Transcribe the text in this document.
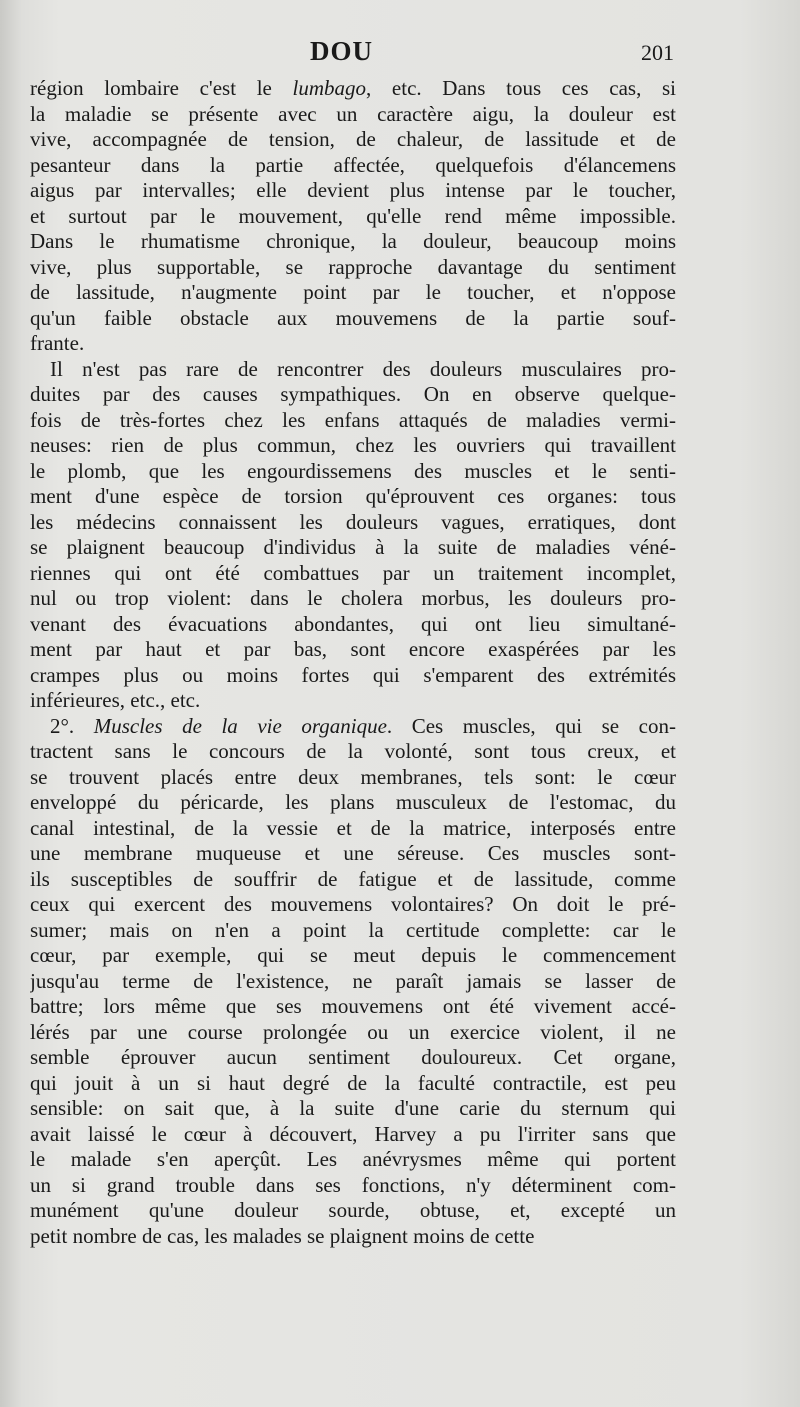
DOU	201
région lombaire c'est le lumbago, etc. Dans tous ces cas, si
la maladie se présente avec un caractère aigu, la douleur est
vive, accompagnée de tension, de chaleur, de lassitude et de
pesanteur dans la partie affectée, quelquefois d'élancemens
aigus par intervalles; elle devient plus intense par le toucher,
et surtout par le mouvement, qu'elle rend même impossible.
Dans le rhumatisme chronique, la douleur, beaucoup moins
vive, plus supportable, se rapproche davantage du sentiment
de lassitude, n'augmente point par le toucher, et n'oppose
qu'un faible obstacle aux mouvemens de la partie souf-
frante.
Il n'est pas rare de rencontrer des douleurs musculaires pro-
duites par des causes sympathiques. On en observe quelque-
fois de très-fortes chez les enfans attaqués de maladies vermi-
neuses: rien de plus commun, chez les ouvriers qui travaillent
le plomb, que les engourdissemens des muscles et le senti-
ment d'une espèce de torsion qu'éprouvent ces organes: tous
les médecins connaissent les douleurs vagues, erratiques, dont
se plaignent beaucoup d'individus à la suite de maladies véné-
riennes qui ont été combattues par un traitement incomplet,
nul ou trop violent: dans le cholera morbus, les douleurs pro-
venant des évacuations abondantes, qui ont lieu simultané-
ment par haut et par bas, sont encore exaspérées par les
crampes plus ou moins fortes qui s'emparent des extrémités
inférieures, etc., etc.
2°. Muscles de la vie organique. Ces muscles, qui se con-
tractent sans le concours de la volonté, sont tous creux, et
se trouvent placés entre deux membranes, tels sont: le cœur
enveloppé du péricarde, les plans musculeux de l'estomac, du
canal intestinal, de la vessie et de la matrice, interposés entre
une membrane muqueuse et une séreuse. Ces muscles sont-
ils susceptibles de souffrir de fatigue et de lassitude, comme
ceux qui exercent des mouvemens volontaires? On doit le pré-
sumer; mais on n'en a point la certitude complette: car le
cœur, par exemple, qui se meut depuis le commencement
jusqu'au terme de l'existence, ne paraît jamais se lasser de
battre; lors même que ses mouvemens ont été vivement accé-
lérés par une course prolongée ou un exercice violent, il ne
semble éprouver aucun sentiment douloureux. Cet organe,
qui jouit à un si haut degré de la faculté contractile, est peu
sensible: on sait que, à la suite d'une carie du sternum qui
avait laissé le cœur à découvert, Harvey a pu l'irriter sans que
le malade s'en aperçût. Les anévrysmes même qui portent
un si grand trouble dans ses fonctions, n'y déterminent com-
munément qu'une douleur sourde, obtuse, et, excepté un
petit nombre de cas, les malades se plaignent moins de cette
